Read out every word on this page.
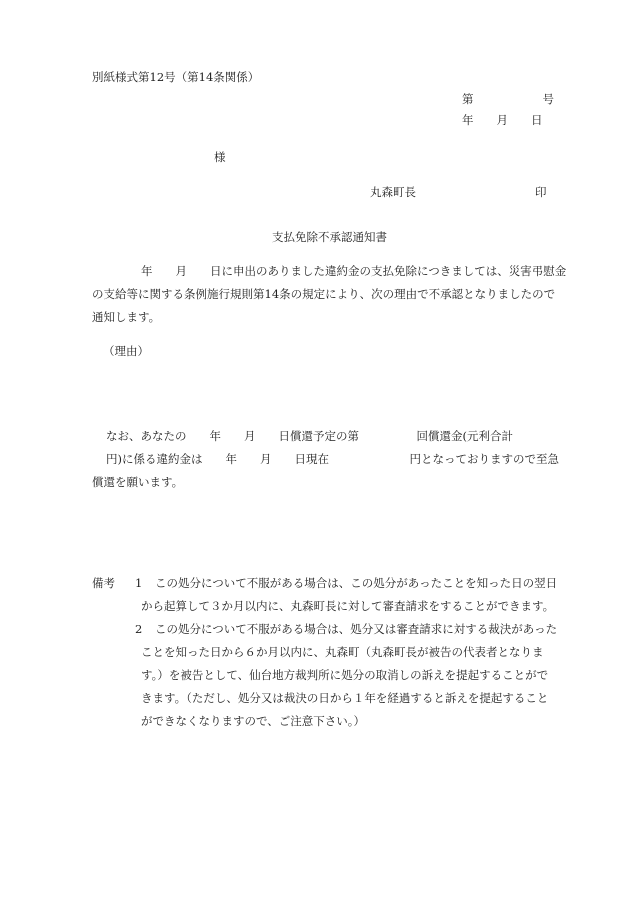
別紙様式第12号（第14条関係）
第　　　　　　号
年　　月　　日
様
丸森町長	印
支払免除不承認通知書
　　年　　月　　日に申出のありました違約金の支払免除につきましては、災害弔慰金
の支給等に関する条例施行規則第14条の規定により、次の理由で不承認となりましたので
通知します。
（理由）
なお、あなたの　　年　　月　　日償還予定の第　　　　　回償還金(元利合計
円)に係る違約金は　　年　　月　　日現在　　　　　　　円となっておりますので至急
償還を願います。
備考 1 この処分について不服がある場合は、この処分があったことを知った日の翌日
から起算して３か月以内に、丸森町長に対して審査請求をすることができます。
2 この処分について不服がある場合は、処分又は審査請求に対する裁決があった
ことを知った日から６か月以内に、丸森町（丸森町長が被告の代表者となりま
す。）を被告として、仙台地方裁判所に処分の取消しの訴えを提起することがで
きます。（ただし、処分又は裁決の日から１年を経過すると訴えを提起すること
ができなくなりますので、ご注意下さい。）
